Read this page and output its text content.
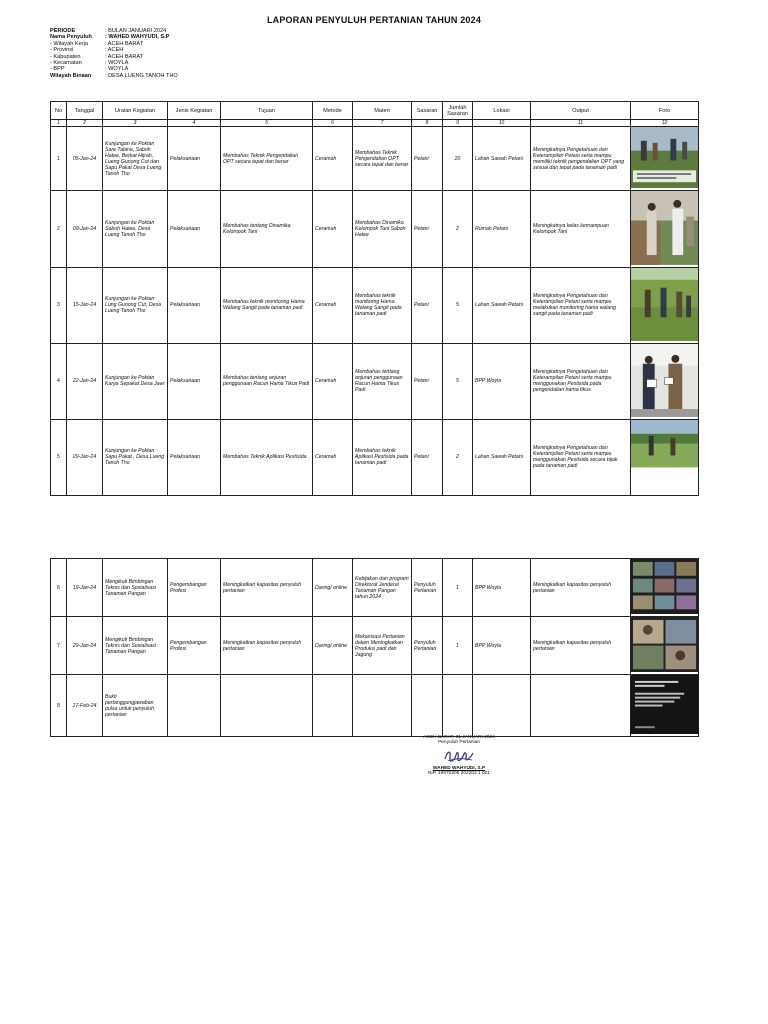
LAPORAN PENYULUH PERTANIAN TAHUN 2024
PERIODE	: BULAN JANUARI 2024
Nama Penyuluh	: WAHED WAHYUDI, S.P
- Wilayah Kerja	: ACEH BARAT
- Provinsi	: ACEH
- Kabupaten	: ACEH BARAT
- Kecamatan	: WOYLA
- BPP	: WOYLA
Wilayah Binaan	: DESA LUENG TANOH THO
No	Tanggal	Uraian Kegiatan	Jenis Kegiatan	Tujuan	Metode	Materi	Sasaran	Jumlah Sasaran	Lokasi	Output	Foto
1	2	3	4	5	6	7	8	9	10	11	12
1	05-Jan-24	Kunjungan ke Poktan Sare Tabina, Saboh Hatee, Berkat Hijrah, Lueng Gunong Cut dan Sapu Pakat Desa Lueng Tanoh Tho	Pelaksanaan	Membahas Teknik Pengendalian OPT secara tepat dan benar	Ceramah	Membahas Teknik Pengendalian OPT secara tepat dan benar	Petani	20	Lahan Sawah Petani	Meningkatnya Pengetahuan dan Keterampilan Petani serta mampu memiliki teknik pengendalian OPT yang sesuai dan tepat pada tanaman padi	
2	09-Jan-24	Kunjungan ke Poktan Saboh Hatee, Desa Lueng Tanoh Tho	Pelaksanaan	Membahas tentang Dinamika Kelompok Tani	Ceramah	Membahas Dinamika Kelompok Tani Saboh Hatee	Petani	2	Rumah Petani	Meningkatnya kelas kemampuan Kelompok Tani	
3	15-Jan-24	Kunjungan ke Poktan Lung Gunong Cut, Desa Lueng Tanoh Tho	Pelaksanaan	Membahas teknik monitoring Hama Walang Sangit pada tanaman padi	Ceramah	Membahas teknik monitoring Hama Walang Sangit pada tanaman padi	Petani	5	Lahan Sawah Petani	Meningkatnya Pengetahuan dan Keterampilan Petani serta mampu melakukan monitoring hama walang sangit pada tanaman padi	
4	22-Jan-24	Kunjungan ke Poktan Karya Sepakat Desa Jawi	Pelaksanaan	Membahas tentang anjuran penggunaan Racun Hama Tikus Padi	Ceramah	Membahas tentang anjuran penggunaan Racun Hama Tikus Padi	Petani	5	BPP Woyla	Meningkatnya Pengetahuan dan Keterampilan Petani serta mampu menggunakan Pestisida pada pengendalian hama tikus	
5	29-Jan-24	Kunjungan ke Poktan Sapu Pakat , Desa Lueng Tanoh Tho	Pelaksanaan	Membahas Teknik Aplikasi Pestisida	Ceramah	Membahas teknik Aplikasi Pestisida pada tanaman padi	Petani	2	Lahan Sawah Petani	Meningkatnya Pengetahuan dan Keterampilan Petani serta mampu menggunakan Pestisida secara bijak pada tanaman padi	
6	19-Jan-24	Mengikuti Bimbingan Teknis dan Sosialisasi Tanaman Pangan	Pengembangan Profesi	Meningkatkan kapasitas penyuluh pertanian	Daring/ online	Kebijakan dan program Direktorat Jenderal Tanaman Pangan tahun 2024	Penyuluh Pertanian	1	BPP Woyla	Meningkatkan kapasitas penyuluh pertanian	
7	29-Jan-24	Mengikuti Bimbingan Teknis dan Sosialisasi Tanaman Pangan	Pengembangan Profesi	Meningkatkan kapasitas penyuluh pertanian	Daring/ online	Mekanisasi Pertanian dalam Meningkatkan Produksi padi dan Jagung	Penyuluh Pertanian	1	BPP Woyla	Meningkatkan kapasitas penyuluh pertanian	
8	17-Feb-24	Bukti pertanggungjawaban pulsa untuk penyuluh pertanian									
ACEH BARAT, 31 JANUARI 2024
Penyuluh Pertanian
WAHED WAHYUDI, S.P
NIP. 19870205 202203 1 001
